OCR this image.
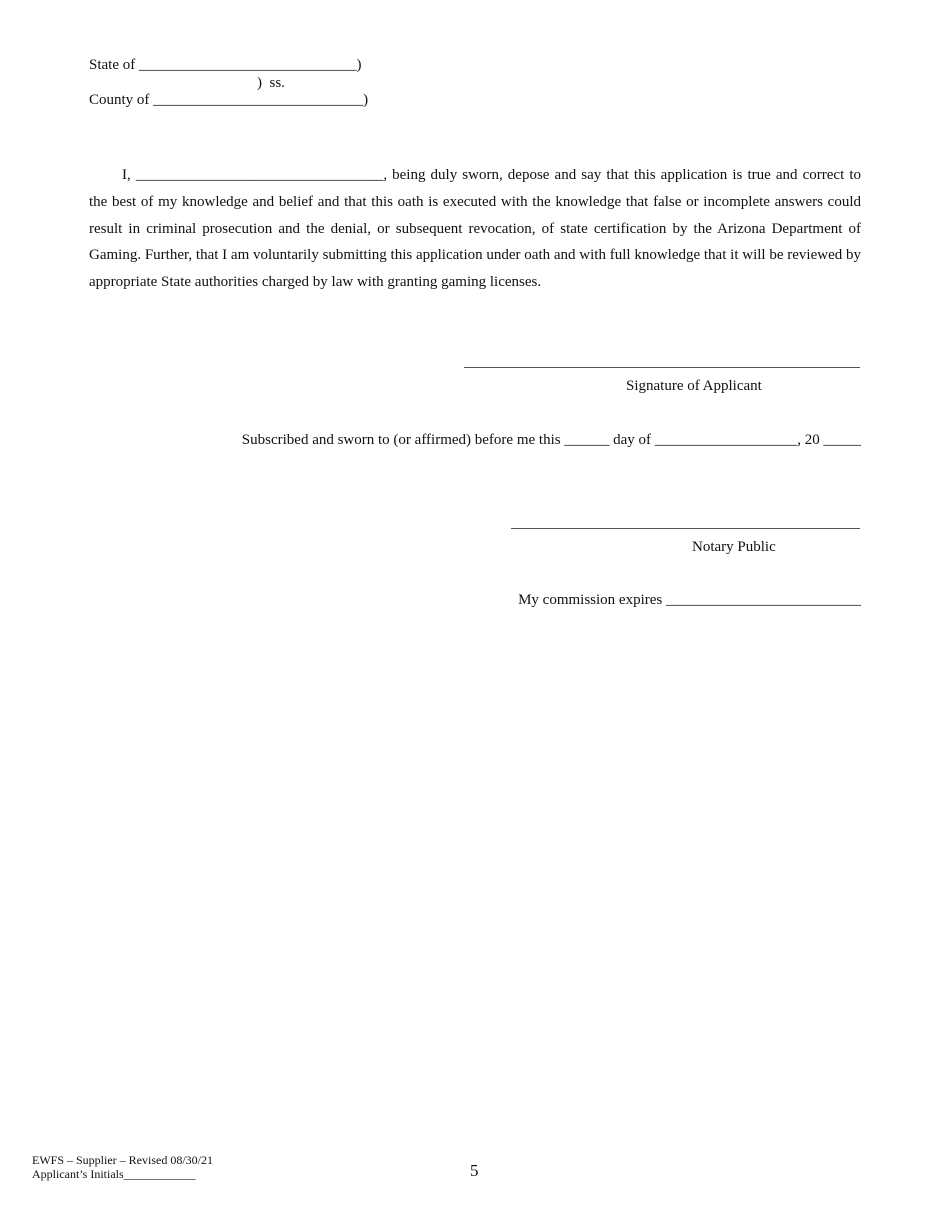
State of _____________________________)
)  ss.
County of ____________________________)
I, _________________________________, being duly sworn, depose and say that this application is true and correct to the best of my knowledge and belief and that this oath is executed with the knowledge that false or incomplete answers could result in criminal prosecution and the denial, or subsequent revocation, of state certification by the Arizona Department of Gaming. Further, that I am voluntarily submitting this application under oath and with full knowledge that it will be reviewed by appropriate State authorities charged by law with granting gaming licenses.
Signature of Applicant
Subscribed and sworn to (or affirmed) before me this ______ day of ___________________, 20 _____
Notary Public
My commission expires __________________________
EWFS – Supplier – Revised 08/30/21
Applicant’s Initials____________	5
